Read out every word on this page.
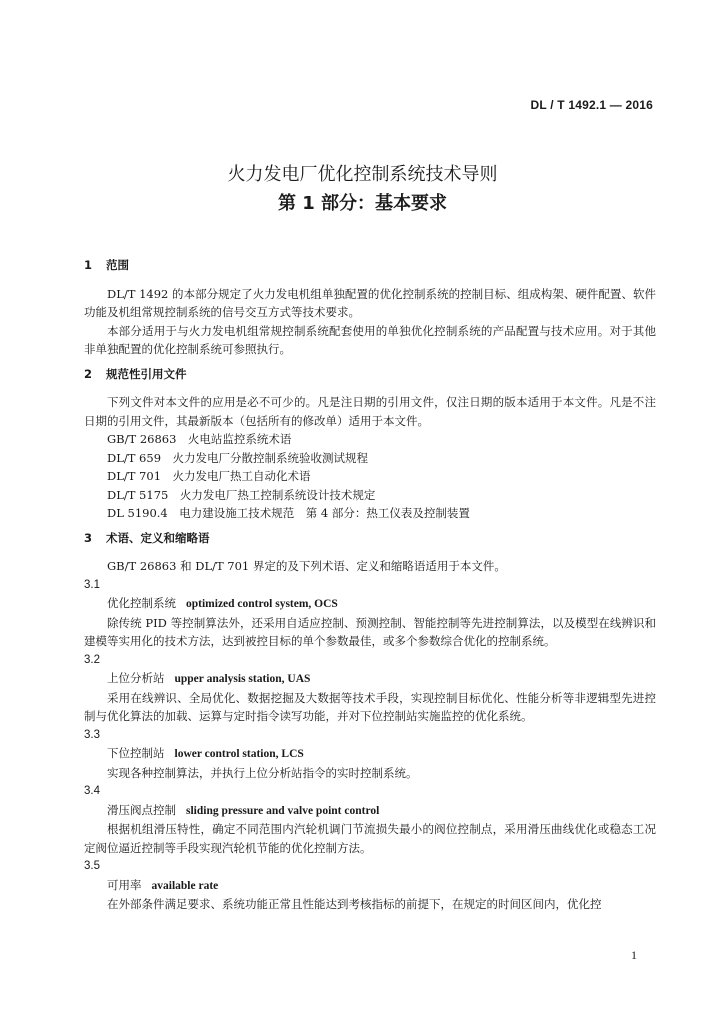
DL / T 1492.1 — 2016
火力发电厂优化控制系统技术导则
第 1 部分：基本要求

1 范围

DL/T 1492 的本部分规定了火力发电机组单独配置的优化控制系统的控制目标、组成构架、硬件配置、软件功能及机组常规控制系统的信号交互方式等技术要求。

本部分适用于与火力发电机组常规控制系统配套使用的单独优化控制系统的产品配置与技术应用。对于其他非单独配置的优化控制系统可参照执行。

2 规范性引用文件

下列文件对本文件的应用是必不可少的。凡是注日期的引用文件，仅注日期的版本适用于本文件。凡是不注日期的引用文件，其最新版本（包括所有的修改单）适用于本文件。

GB/T 26863　火电站监控系统术语

DL/T 659　火力发电厂分散控制系统验收测试规程

DL/T 701　火力发电厂热工自动化术语

DL/T 5175　火力发电厂热工控制系统设计技术规定

DL 5190.4　电力建设施工技术规范　第 4 部分：热工仪表及控制装置

3 术语、定义和缩略语

GB/T 26863 和 DL/T 701 界定的及下列术语、定义和缩略语适用于本文件。

3.1

优化控制系统 optimized control system, OCS

除传统 PID 等控制算法外，还采用自适应控制、预测控制、智能控制等先进控制算法，以及模型在线辨识和建模等实用化的技术方法，达到被控目标的单个参数最佳，或多个参数综合优化的控制系统。

3.2

上位分析站 upper analysis station, UAS

采用在线辨识、全局优化、数据挖掘及大数据等技术手段，实现控制目标优化、性能分析等非逻辑型先进控制与优化算法的加载、运算与定时指令读写功能，并对下位控制站实施监控的优化系统。

3.3

下位控制站 lower control station, LCS

实现各种控制算法，并执行上位分析站指令的实时控制系统。

3.4

滑压阀点控制 sliding pressure and valve point control

根据机组滑压特性，确定不同范围内汽轮机调门节流损失最小的阀位控制点，采用滑压曲线优化或稳态工况定阀位逼近控制等手段实现汽轮机节能的优化控制方法。

3.5

可用率 available rate

在外部条件满足要求、系统功能正常且性能达到考核指标的前提下，在规定的时间区间内，优化控

1
